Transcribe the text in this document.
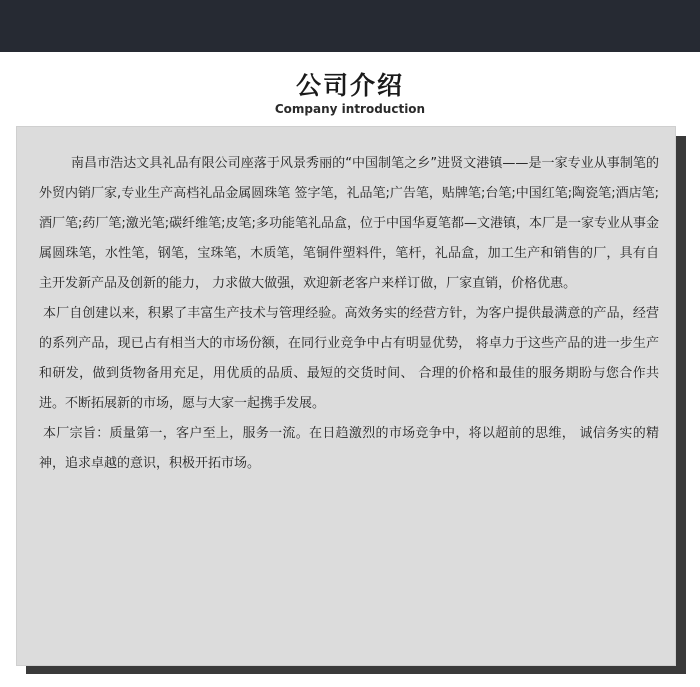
公司介绍
Company introduction

南昌市浩达文具礼品有限公司座落于风景秀丽的“中国制笔之乡”进贤文港镇——是一家专业从事制笔的外贸内销厂家,专业生产高档礼品金属圆珠笔 签字笔，礼品笔;广告笔，贴牌笔;台笔;中国红笔;陶瓷笔;酒店笔;酒厂笔;药厂笔;激光笔;碳纤维笔;皮笔;多功能笔礼品盒，位于中国华夏笔都—文港镇，本厂是一家专业从事金属圆珠笔，水性笔，钢笔，宝珠笔，木质笔，笔铜件塑料件，笔杆，礼品盒，加工生产和销售的厂，具有自主开发新产品及创新的能力， 力求做大做强，欢迎新老客户来样订做，厂家直销，价格优惠。

本厂自创建以来，积累了丰富生产技术与管理经验。高效务实的经营方针，为客户提供最满意的产品，经营的系列产品，现已占有相当大的市场份额，在同行业竞争中占有明显优势， 将卓力于这些产品的进一步生产和研发，做到货物备用充足，用优质的品质、最短的交货时间、 合理的价格和最佳的服务期盼与您合作共进。不断拓展新的市场，愿与大家一起携手发展。

本厂宗旨：质量第一，客户至上，服务一流。在日趋激烈的市场竞争中，将以超前的思维， 诚信务实的精神，追求卓越的意识，积极开拓市场。
